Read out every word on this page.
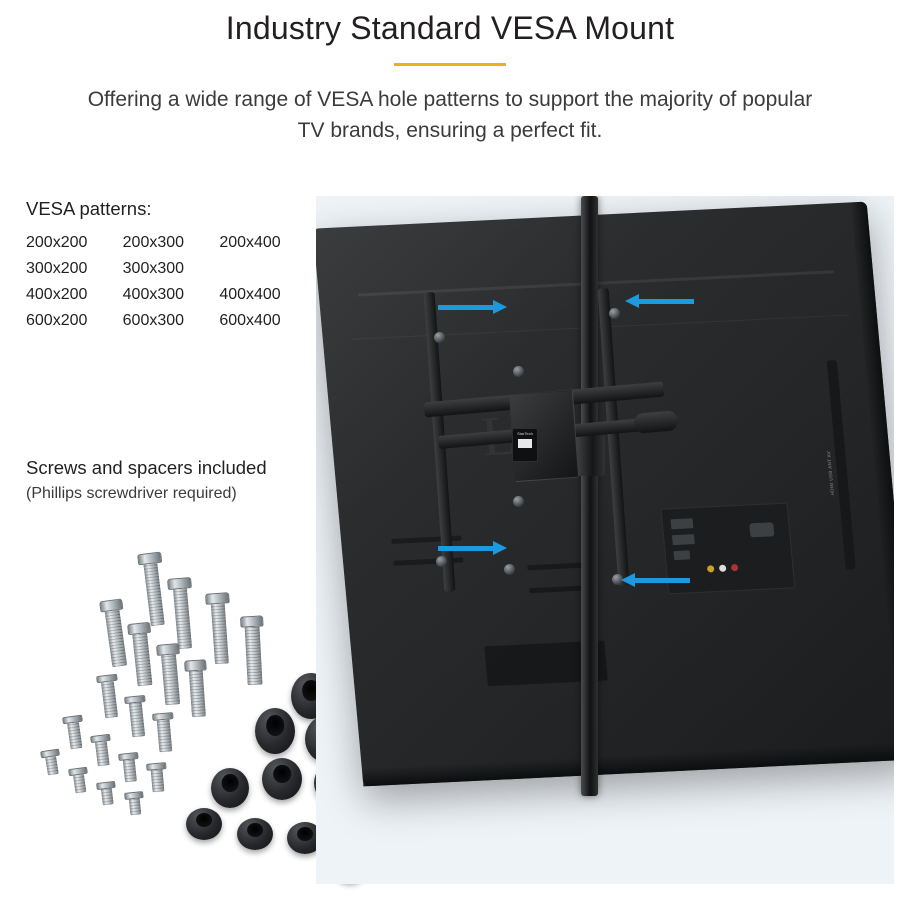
Industry Standard VESA Mount

Offering a wide range of VESA hole patterns to support the majority of popular TV brands, ensuring a perfect fit.

VESA patterns:
200x200	200x300	200x400
300x200	300x300	
400x200	400x300	400x400
600x200	600x300	600x400
Screws and spacers included
(Phillips screwdriver required)	HDMI USB ANT AV
StarTech
